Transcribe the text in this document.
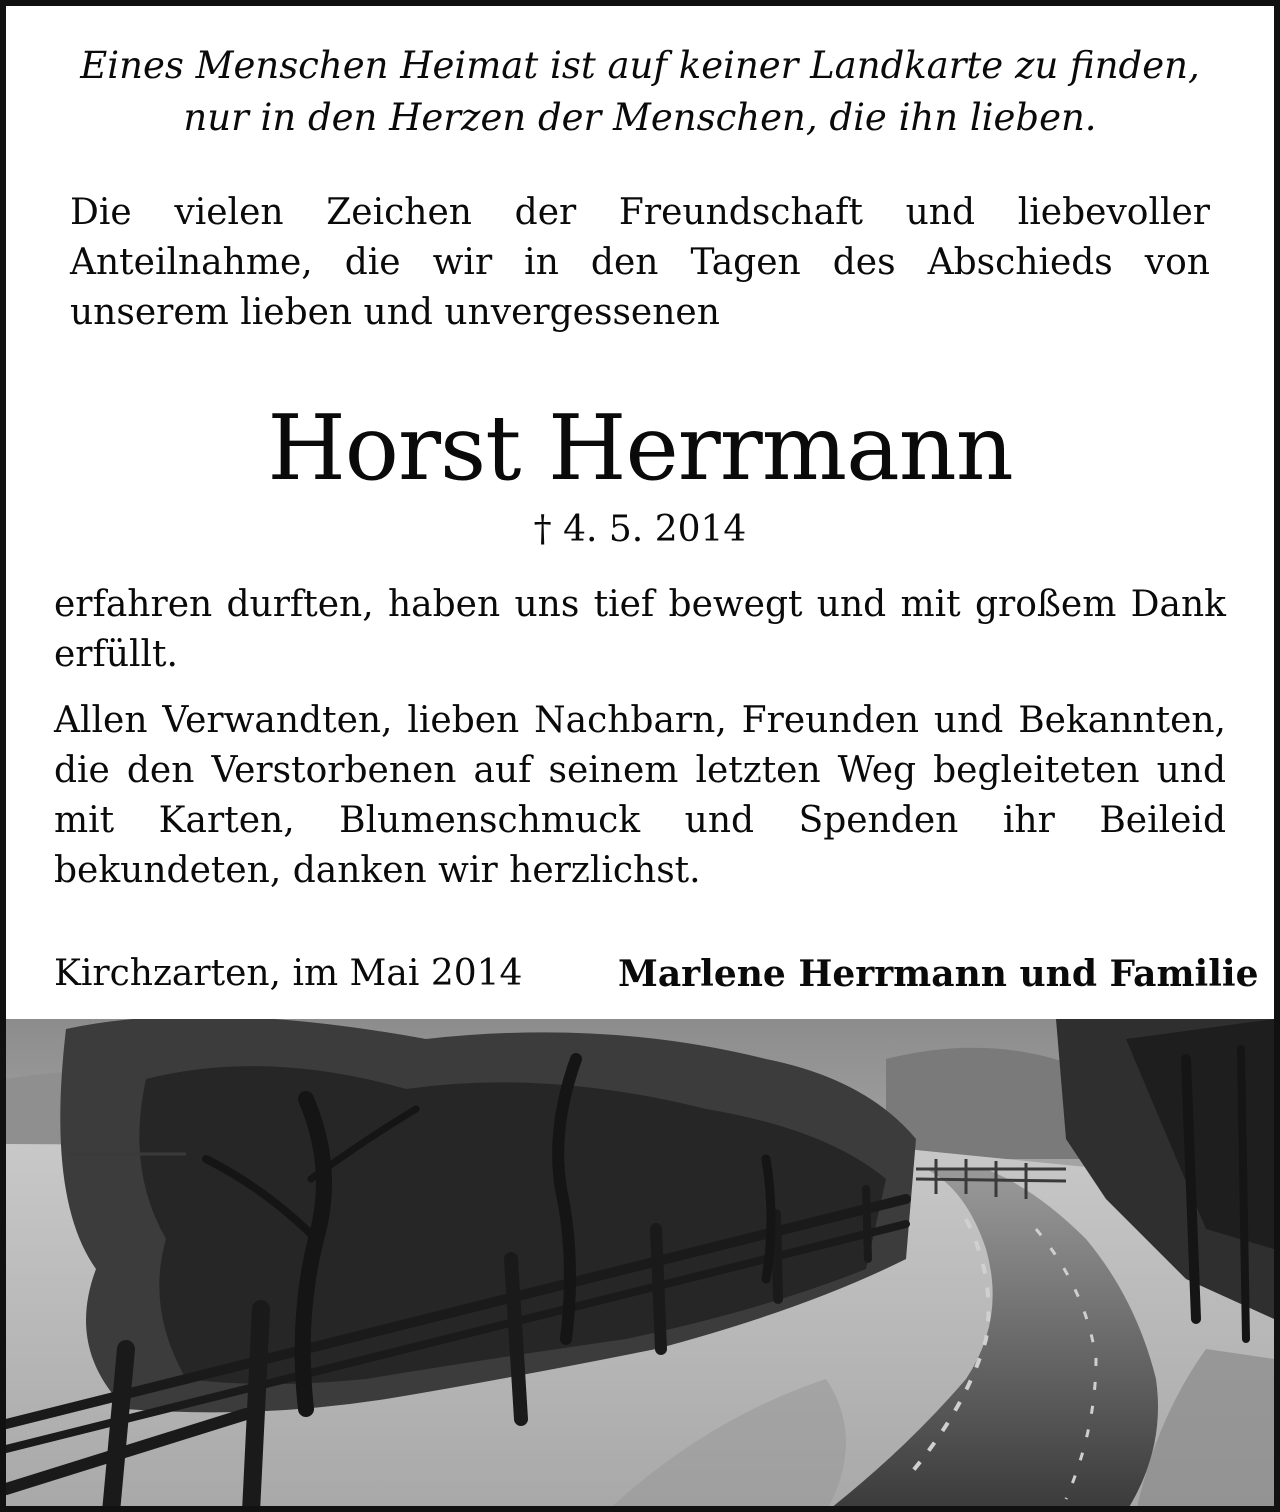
Eines Menschen Heimat ist auf keiner Landkarte zu finden,
nur in den Herzen der Menschen, die ihn lieben.
Die vielen Zeichen der Freundschaft und liebevoller Anteilnahme, die wir in den Tagen des Abschieds von unserem lieben und unvergessenen
Horst Herrmann
† 4. 5. 2014
erfahren durften, haben uns tief bewegt und mit großem Dank erfüllt.
Allen Verwandten, lieben Nachbarn, Freunden und Bekannten, die den Verstorbenen auf seinem letzten Weg begleiteten und mit Karten, Blumenschmuck und Spenden ihr Beileid bekundeten, danken wir herzlichst.
Kirchzarten, im Mai 2014	Marlene Herrmann und Familie
